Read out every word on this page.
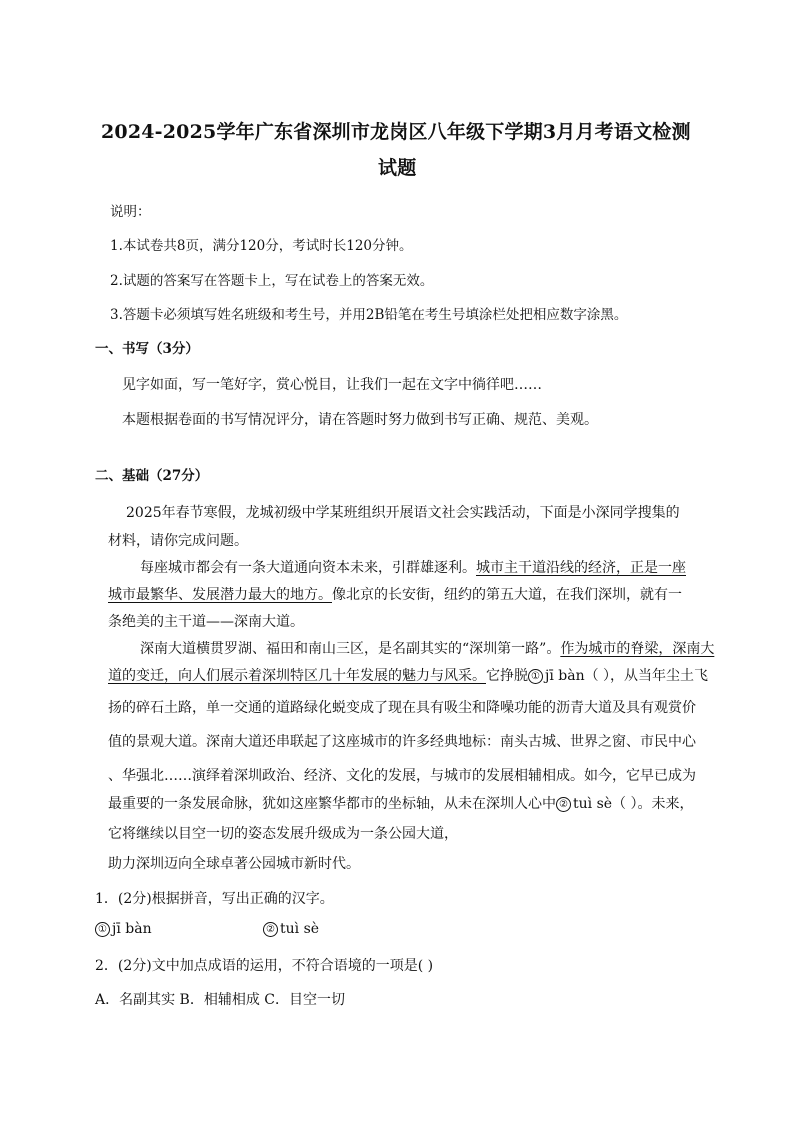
2024-2025学年广东省深圳市龙岗区八年级下学期3月月考语文检测
试题
说明：
1.本试卷共8页，满分120分，考试时长120分钟。
2.试题的答案写在答题卡上，写在试卷上的答案无效。
3.答题卡必须填写姓名班级和考生号，并用2B铅笔在考生号填涂栏处把相应数字涂黑。
一、书写（3分）
见字如面，写一笔好字，赏心悦目，让我们一起在文字中徜徉吧……
本题根据卷面的书写情况评分，请在答题时努力做到书写正确、规范、美观。
二、基础（27分）
2025年春节寒假，龙城初级中学某班组织开展语文社会实践活动，下面是小深同学搜集的
材料，请你完成问题。
每座城市都会有一条大道通向资本未来，引群雄逐利。城市主干道沿线的经济，正是一座
城市最繁华、发展潜力最大的地方。像北京的长安街，纽约的第五大道，在我们深圳，就有一
条绝美的主干道——深南大道。
深南大道横贯罗湖、福田和南山三区，是名副其实的“深圳第一路”。作为城市的脊梁，深南大
道的变迁，向人们展示着深圳特区几十年发展的魅力与风采。它挣脱 ① jī bàn（ ），从当年尘土飞
扬的碎石土路，单一交通的道路绿化蜕变成了现在具有吸尘和降噪功能的沥青大道及具有观赏价
值的景观大道。深南大道还串联起了这座城市的许多经典地标：南头古城、世界之窗、市民中心
、华强北……演绎着深圳政治、经济、文化的发展，与城市的发展相辅相成。如今，它早已成为
最重要的一条发展命脉，犹如这座繁华都市的坐标轴，从未在深圳人心中 ② tuì sè（ ）。未来，
它将继续以目空一切的姿态发展升级成为一条公园大道，
助力深圳迈向全球卓著公园城市新时代。
1．(2分)根据拼音，写出正确的汉字。
① jī bàn	② tuì sè
2．(2分)文中加点成语的运用，不符合语境的一项是( )
A．名副其实 B．相辅相成 C．目空一切
